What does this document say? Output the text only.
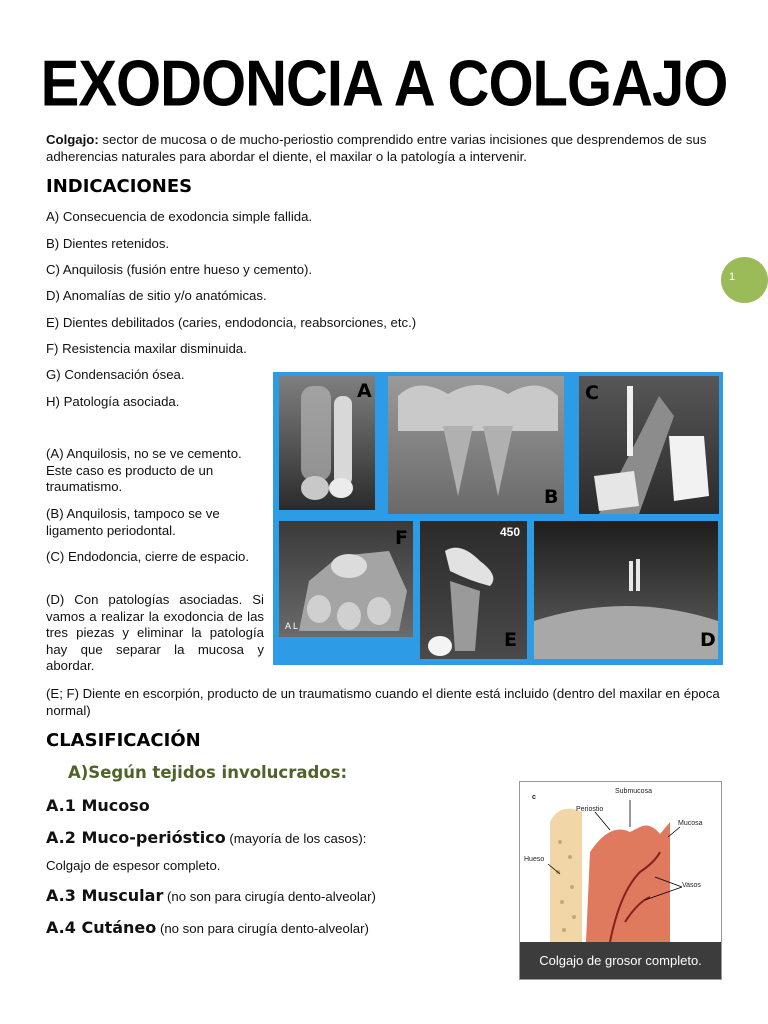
EXODONCIA A COLGAJO
Colgajo: sector de mucosa o de mucho-periostio comprendido entre varias incisiones que desprendemos de sus adherencias naturales para abordar el diente, el maxilar o la patología a intervenir.
INDICACIONES
A) Consecuencia de exodoncia simple fallida.
B) Dientes retenidos.
C) Anquilosis (fusión entre hueso y cemento).
D) Anomalías de sitio y/o anatómicas.
E) Dientes debilitados (caries, endodoncia, reabsorciones, etc.)
F) Resistencia maxilar disminuida.
G) Condensación ósea.
H) Patología asociada.
1
(A) Anquilosis, no se ve cemento. Este caso es producto de un traumatismo.
(B) Anquilosis, tampoco se ve ligamento periodontal.
(C) Endodoncia, cierre de espacio.
(D) Con patologías asociadas. Si vamos a realizar la exodoncia de las tres piezas y eliminar la patología hay que separar la mucosa y abordar.
A
B
C
F
A L
450
E	D
(E; F) Diente en escorpión, producto de un traumatismo cuando el diente está incluido (dentro del maxilar en época normal)
CLASIFICACIÓN
A)Según tejidos involucrados:
A.1 Mucoso
A.2 Muco-perióstico (mayoría de los casos):
Colgajo de espesor completo.
A.3 Muscular (no son para cirugía dento-alveolar)
A.4 Cutáneo (no son para cirugía dento-alveolar)
c
Submucosa
Periostio
Mucosa
Hueso
Vasos
Colgajo de grosor completo.
